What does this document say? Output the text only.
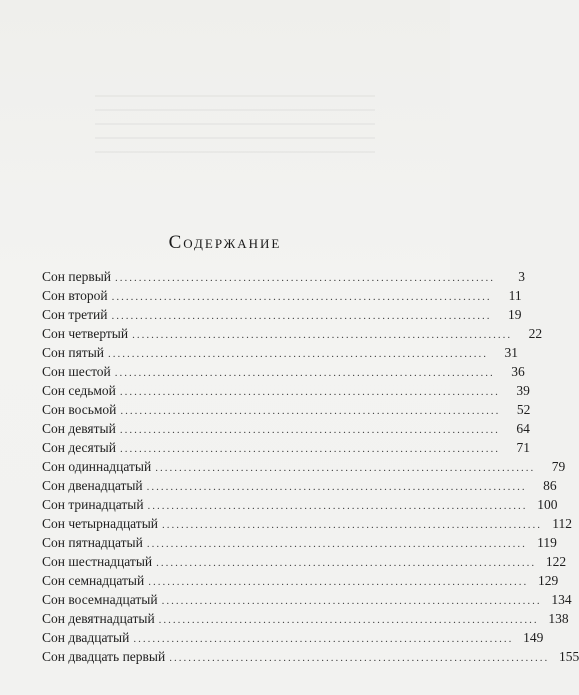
Содержание
Сон первый ................................................................................	3
Сон второй ................................................................................	11
Сон третий ................................................................................	19
Сон четвертый ................................................................................	22
Сон пятый ................................................................................	31
Сон шестой ................................................................................	36
Сон седьмой ................................................................................	39
Сон восьмой ................................................................................	52
Сон девятый ................................................................................	64
Сон десятый ................................................................................	71
Сон одиннадцатый ................................................................................	79
Сон двенадцатый ................................................................................	86
Сон тринадцатый ................................................................................ 100
Сон четырнадцатый ................................................................................ 112
Сон пятнадцатый ................................................................................ 119
Сон шестнадцатый ................................................................................ 122
Сон семнадцатый ................................................................................ 129
Сон восемнадцатый ................................................................................ 134
Сон девятнадцатый ................................................................................ 138
Сон двадцатый ................................................................................ 149
Сон двадцать первый ................................................................................ 155
